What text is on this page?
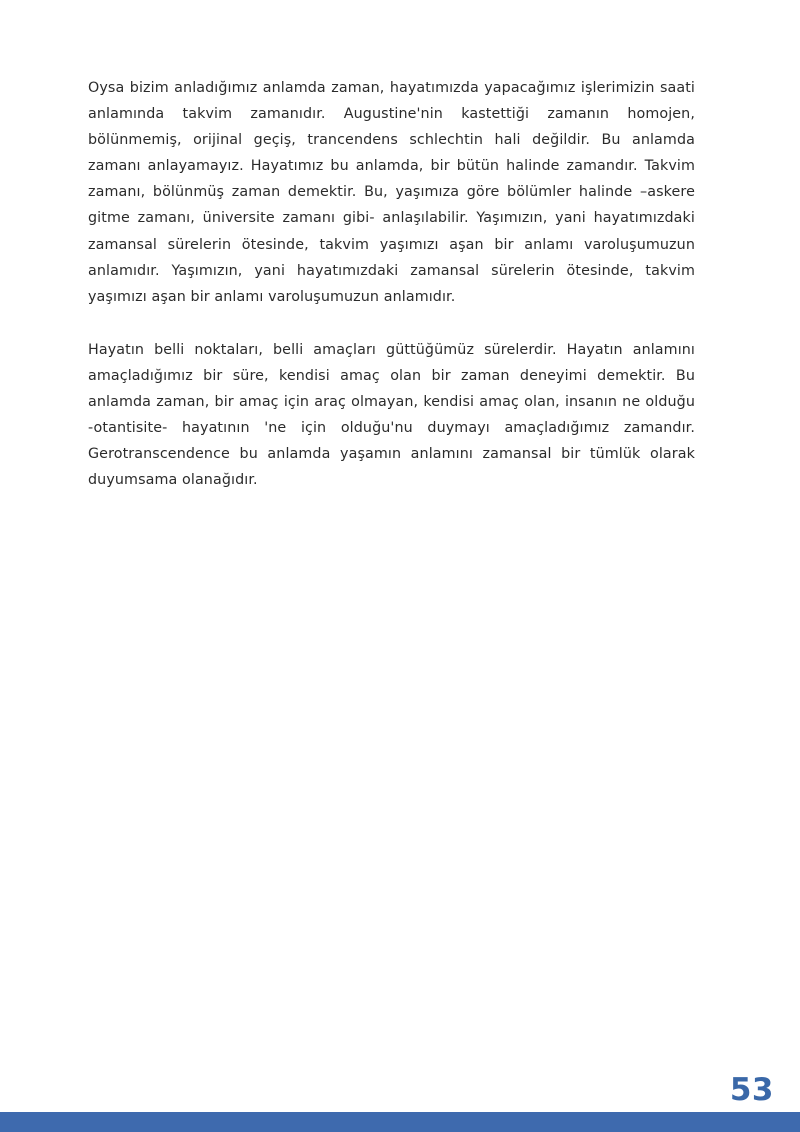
Oysa bizim anladığımız anlamda zaman, hayatımızda yapacağımız işlerimizin saati anlamında takvim zamanıdır. Augustine'nin kastettiği zamanın homojen, bölünmemiş, orijinal geçiş, trancendens schlechtin hali değildir. Bu anlamda zamanı anlayamayız. Hayatımız bu anlamda, bir bütün halinde zamandır. Takvim zamanı, bölünmüş zaman demektir. Bu, yaşımıza göre bölümler halinde –askere gitme zamanı, üniversite zamanı gibi- anlaşılabilir. Yaşımızın, yani hayatımızdaki zamansal sürelerin ötesinde, takvim yaşımızı aşan bir anlamı varoluşumuzun anlamıdır. Yaşımızın, yani hayatımızdaki zamansal sürelerin ötesinde, takvim yaşımızı aşan bir anlamı varoluşumuzun anlamıdır.

Hayatın belli noktaları, belli amaçları güttüğümüz sürelerdir. Hayatın anlamını amaçladığımız bir süre, kendisi amaç olan bir zaman deneyimi demektir. Bu anlamda zaman, bir amaç için araç olmayan, kendisi amaç olan, insanın ne olduğu -otantisite- hayatının 'ne için olduğu'nu duymayı amaçladığımız zamandır. Gerotranscendence bu anlamda yaşamın anlamını zamansal bir tümlük olarak duyumsama olanağıdır.

53
